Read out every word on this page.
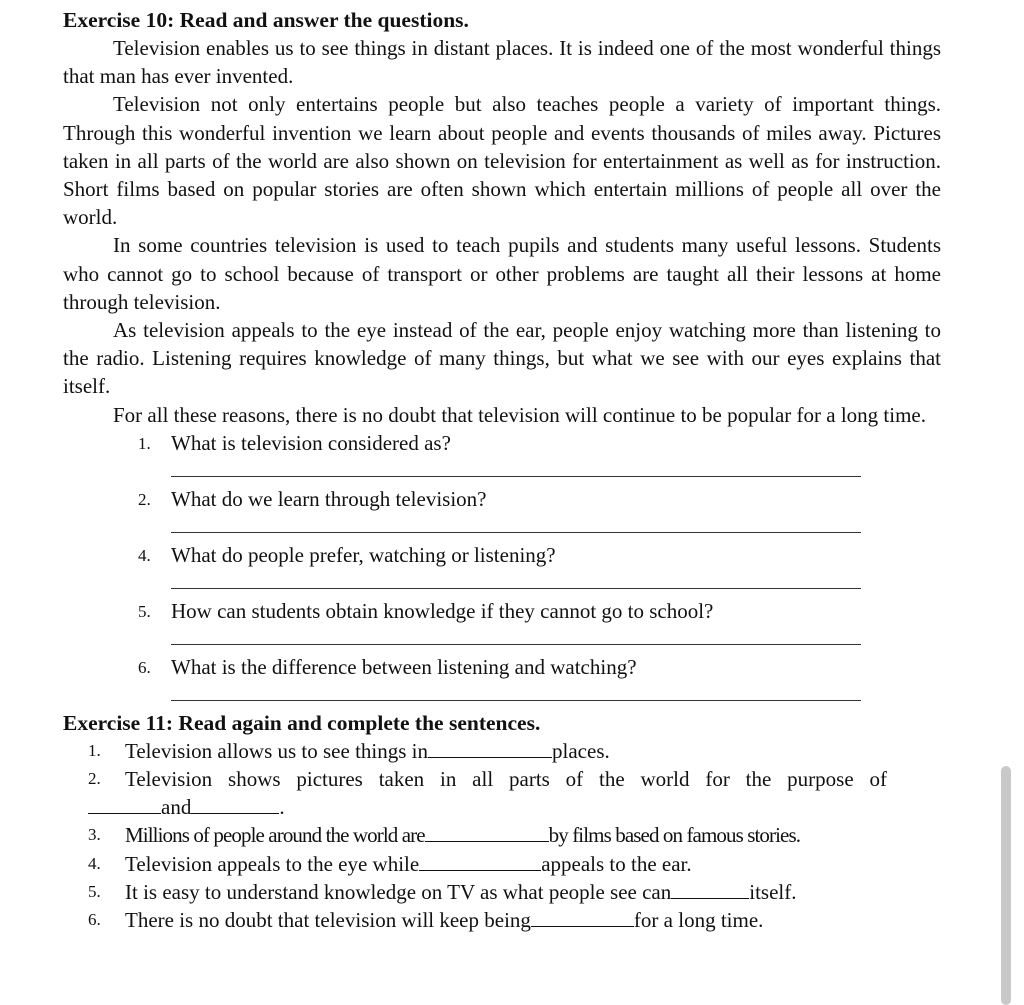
Exercise 10: Read and answer the questions.

Television enables us to see things in distant places. It is indeed one of the most wonderful things that man has ever invented.

Television not only entertains people but also teaches people a variety of important things. Through this wonderful invention we learn about people and events thousands of miles away. Pictures taken in all parts of the world are also shown on television for entertainment as well as for instruction. Short films based on popular stories are often shown which entertain millions of people all over the world.

In some countries television is used to teach pupils and students many useful lessons. Students who cannot go to school because of transport or other problems are taught all their lessons at home through television.

As television appeals to the eye instead of the ear, people enjoy watching more than listening to the radio. Listening requires knowledge of many things, but what we see with our eyes explains that itself.

For all these reasons, there is no doubt that television will continue to be popular for a long time.

1. What is television considered as?
2. What do we learn through television?
4. What do people prefer, watching or listening?
5. How can students obtain knowledge if they cannot go to school?
6. What is the difference between listening and watching?
Exercise 11: Read again and complete the sentences.
1. Television allows us to see things in	places.
2. Television shows pictures taken in all parts of the world for the purpose of
and	.
3. Millions of people around the world are	by films based on famous stories.
4. Television appeals to the eye while	appeals to the ear.
5. It is easy to understand knowledge on TV as what people see can	itself.
6. There is no doubt that television will keep being	for a long time.
